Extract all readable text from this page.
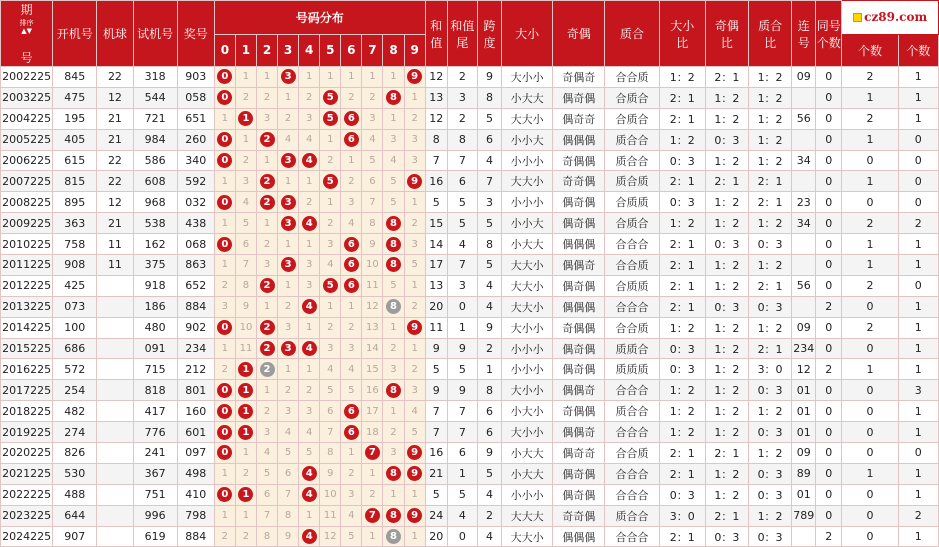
期
排序
▲▼

号	开机号	机球	试机号	奖号	号码分布										和
值	和值
尾	跨
度	大小	奇偶	质合	大小
比	奇偶
比	质合
比	连
号	同号
个数	cz89.com	

					0	1	2	3	4	5	6	7	8	9												个数	个数
2002225	845	22	318	903	0	1	1	3	1	1	1	1	1	9	12	2	9	大小小	奇偶奇	合合质	1：2	2：1	1：2	09	0	2	1
2003225	475	12	544	058	0	2	2	1	2	5	2	2	8	1	13	3	8	小大大	偶奇偶	合质合	2：1	1：2	1：2		0	1	1
2004225	195	21	721	651	1	1	3	2	3	5	6	3	1	2	12	2	5	大大小	偶奇奇	合质合	2：1	1：2	1：2	56	0	2	1
2005225	405	21	984	260	0	1	2	4	4	1	6	4	3	3	8	8	6	小小大	偶偶偶	质合合	1：2	0：3	1：2		0	1	0
2006225	615	22	586	340	0	2	1	3	4	2	1	5	4	3	7	7	4	小小小	奇偶偶	质合合	0：3	1：2	1：2	34	0	0	0
2007225	815	22	608	592	1	3	2	1	1	5	2	6	5	9	16	6	7	大大小	奇奇偶	质合质	2：1	2：1	2：1		0	1	0
2008225	895	12	968	032	0	4	2	3	2	1	3	7	5	1	5	5	3	小小小	偶奇偶	合质质	0：3	1：2	2：1	23	0	0	0
2009225	363	21	538	438	1	5	1	3	4	2	4	8	8	2	15	5	5	小小大	偶奇偶	合质合	1：2	1：2	1：2	34	0	2	2
2010225	758	11	162	068	0	6	2	1	1	3	6	9	8	3	14	4	8	小大大	偶偶偶	合合合	2：1	0：3	0：3		0	1	1
2011225	908	11	375	863	1	7	3	3	3	4	6	10	8	5	17	7	5	大大小	偶偶奇	合合质	2：1	1：2	1：2		0	1	1
2012225	425		918	652	2	8	2	1	3	5	6	11	5	1	13	3	4	大大小	偶奇偶	合质质	2：1	1：2	2：1	56	0	2	0
2013225	073		186	884	3	9	1	2	4	1	1	12	8	2	20	0	4	大大小	偶偶偶	合合合	2：1	0：3	0：3		2	0	1
2014225	100		480	902	0	10	2	3	1	2	2	13	1	9	11	1	9	大小小	奇偶偶	合合质	1：2	1：2	1：2	09	0	2	1
2015225	686		091	234	1	11	2	3	4	3	3	14	2	1	9	9	2	小小小	偶奇偶	质质合	0：3	1：2	2：1	234	0	0	1
2016225	572		715	212	2	1	2	1	1	4	4	15	3	2	5	5	1	小小小	偶奇偶	质质质	0：3	1：2	3：0	12	2	1	1
2017225	254		818	801	0	1	1	2	2	5	5	16	8	3	9	9	8	大小小	偶偶奇	合合合	1：2	1：2	0：3	01	0	0	3
2018225	482		417	160	0	1	2	3	3	6	6	17	1	4	7	7	6	小大小	奇偶偶	质合合	1：2	1：2	1：2	01	0	0	1
2019225	274		776	601	0	1	3	4	4	7	6	18	2	5	7	7	6	大小小	偶偶奇	合合合	1：2	1：2	0：3	01	0	0	1
2020225	826		241	097	0	1	4	5	5	8	1	7	3	9	16	6	9	小大大	偶奇奇	合合质	2：1	2：1	1：2	09	0	0	0
2021225	530		367	498	1	2	5	6	4	9	2	1	8	9	21	1	5	小大大	偶奇偶	合合合	2：1	1：2	0：3	89	0	1	1
2022225	488		751	410	0	1	6	7	4	10	3	2	1	1	5	5	4	小小小	偶奇偶	合合合	0：3	1：2	0：3	01	0	0	1
2023225	644		996	798	1	1	7	8	1	11	4	7	8	9	24	4	2	大大大	奇奇偶	质合合	3：0	2：1	1：2	789	0	0	2
2024225	907		619	884	2	2	8	9	4	12	5	1	8	1	20	0	4	大大小	偶偶偶	合合合	2：1	0：3	0：3		2	0	1
